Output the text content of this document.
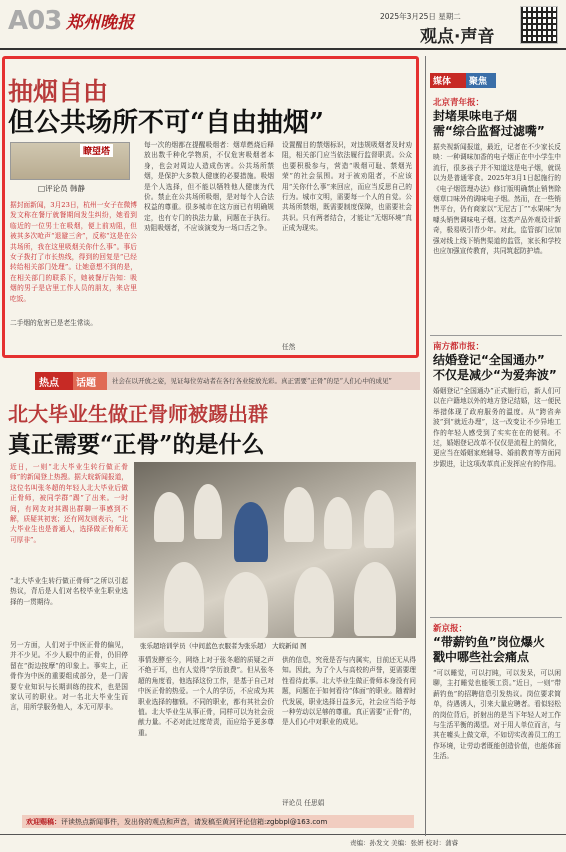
A03 郑州晚报	2025年3月25日 星期二
观点·声音
抽烟自由
但公共场所不可“自由抽烟”
瞭望塔
□评论员 韩静
据封面新闻，3月23日，杭州一女子在微博发文称在餐厅就餐期间发生纠纷，她看到临近的一位男士在吸烟，便上前劝阻，但被其多次呛声“退避三舍”，反称“这是在公共场所，我在这里吸烟关你什么事”。事后女子拨打了市长热线，得到的回复是“已经转给相关部门处理”。让她意想不到的是，在相关部门的联系下，她被餐厅告知：吸烟的男子是店里工作人员的朋友，来店里吃饭。
二手烟的危害已是老生常谈。
每一次的烟都在提醒吸烟者：烟草燃烧后释放出数千种化学物质，不仅危害吸烟者本身，也会对周边人造成伤害。公共场所禁烟，是保护大多数人健康的必要措施。吸烟是个人选择，但不能以牺牲他人健康为代价。禁止在公共场所吸烟，是对每个人合法权益的尊重。很多城市在这方面已有明确规定，也有专门的执法力量，问题在于执行。劝阻吸烟者，不应该演变为一场口舌之争。
设置醒目的禁烟标识，对违规吸烟者及时劝阻，相关部门应当依法履行监督职责。公众也要积极参与，营造“吸烟可耻、禁烟光荣”的社会氛围。对于被劝阻者，不应该用“关你什么事”来回应，而应当反思自己的行为。城市文明，需要每一个人的自觉。公共场所禁烟，既需要制度保障，也需要社会共识。只有两者结合，才能让“无烟环境”真正成为现实。
任然
热点	话题	社会在以开放之姿，见证每位劳动者在各行各业绽放光彩。真正需要“正骨”的是“人们心中的成见”
北大毕业生做正骨师被踢出群
真正需要“正骨”的是什么
近日，一则“北大毕业生转行做正骨师”的新闻登上热搜。据大皖新闻报道，这位名叫张冬超的年轻人北大毕业后做正骨师，被同学群“踢”了出来。一时间，有网友对其踢出群聊一事感到不解，质疑其初衷；还有网友则表示，“北大毕业生也是普通人，选择做正骨师无可厚非”。
“北大毕业生转行做正骨师”之所以引起热议，背后是人们对名校毕业生职业选择的一贯期待。
另一方面，人们对于中医正骨的偏见，并不少见。不少人眼中的正骨，仍旧停留在“街边按摩”的印象上。事实上，正骨作为中医的重要组成部分，是一门需要专业知识与长期训练的技术，也是国家认可的职业。对一名北大毕业生而言，用所学服务他人，本无可厚非。
张乐超培训学员（中间蓝色衣服者为张乐超） 大皖新闻 图
事情发酵至今，网络上对于张冬超的质疑之声不绝于耳，也有人觉得“学历浪费”。但从张冬超的角度看，他选择这份工作，是基于自己对中医正骨的热爱。一个人的学历，不应成为其职业选择的枷锁。不同的职业，都有其社会价值。北大毕业生从事正骨，同样可以为社会贡献力量。不必对此过度苛责，而应给予更多尊重。
供的信息，究竟是否与内属实，目前还无从得知。因此，为了个人与高校的声誉，更需要理性看待此事。北大毕业生做正骨师本身没有问题，问题在于如何看待“体面”的职业。随着时代发展，职业选择日益多元，社会应当给予每一种劳动以足够的尊重。真正需要“正骨”的，是人们心中对职业的成见。
评论员 任思娟
欢迎赐稿：评读热点新闻事件，发出你的观点和声音，请发稿至黄河评论信箱:zgbbpl@163.com
责编：孙发文 美编：张妍 校对：蒲睿
媒体	聚焦
北京青年报：
封堵果味电子烟
需“综合监督过滤嘴”
据央视新闻报道，最近，记者在不少家长反映：一种调味加香的电子烟正在中小学生中流行，很多孩子并不知道这是电子烟，就误以为是普通零食。2025年3月1日起施行的《电子烟管理办法》修订版明确禁止销售除烟草口味外的调味电子烟。然而，在一些销售平台，仍有商家以“无尼古丁”“水果味”为噱头销售调味电子烟。这类产品外观设计新奇，极易吸引青少年。对此，监管部门应加强对线上线下销售渠道的监管，家长和学校也应加强宣传教育，共同筑起防护墙。
南方都市报：
结婚登记“全国通办”
不仅是减少“为爱奔波”
婚姻登记“全国通办”正式施行后，新人们可以在户籍地以外的地方登记结婚，这一便民举措体现了政府服务的温度。从“跨省奔波”到“就近办理”，这一改变让不少异地工作的年轻人感受到了实实在在的便利。不过，婚姻登记改革不仅仅是流程上的简化，更应当在婚姻家庭辅导、婚前教育等方面同步跟进，让这项改革真正发挥应有的作用。
新京报：
“带薪钓鱼”岗位爆火
戳中哪些社会痛点
“可以睡觉，可以打盹，可以发呆，可以闲聊，主打睡觉也能领工资。”近日，一则“带薪钓鱼”的招聘信息引发热议。岗位要求简单，待遇诱人，引来大量应聘者。看似轻松的岗位背后，折射出的是当下年轻人对工作与生活平衡的渴望。对于用人单位而言，与其在噱头上做文章，不如切实改善员工的工作环境，让劳动者既能创造价值，也能体面生活。
